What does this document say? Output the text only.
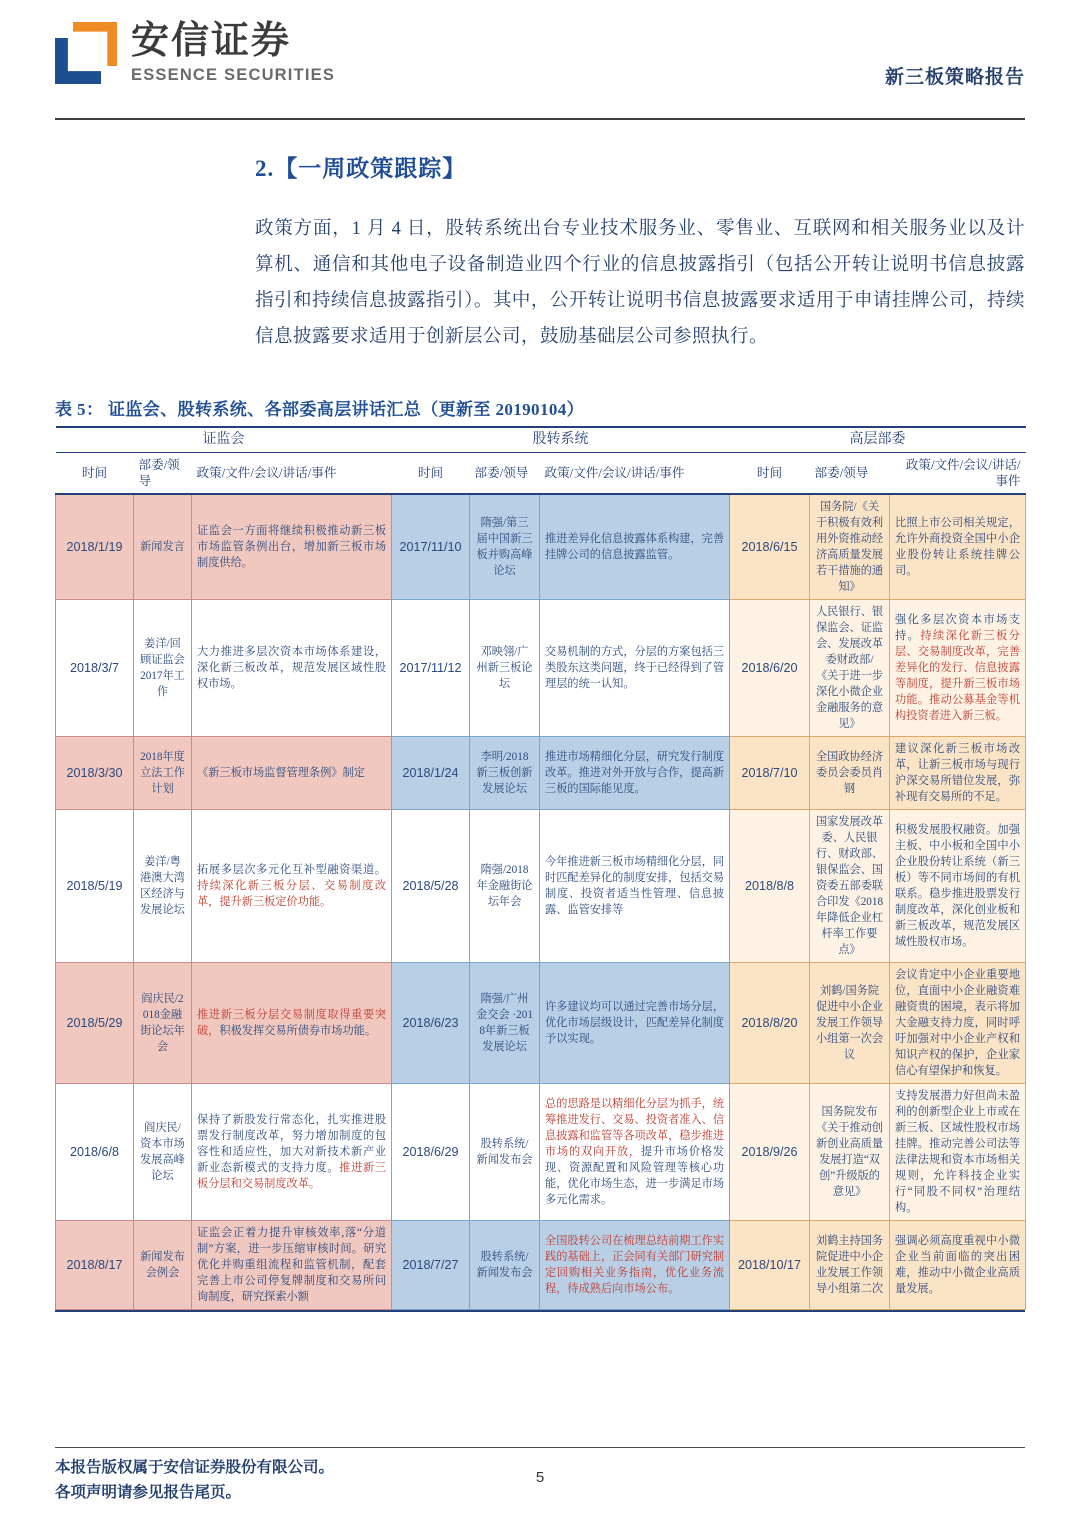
安信证券
ESSENCE SECURITIES	新三板策略报告
2.【一周政策跟踪】
政策方面，1 月 4 日，股转系统出台专业技术服务业、零售业、互联网和相关服务业以及计算机、通信和其他电子设备制造业四个行业的信息披露指引（包括公开转让说明书信息披露指引和持续信息披露指引）。其中，公开转让说明书信息披露要求适用于申请挂牌公司，持续信息披露要求适用于创新层公司，鼓励基础层公司参照执行。
表 5： 证监会、股转系统、各部委高层讲话汇总（更新至 20190104）
证监会			股转系统			高层部委		
时间	部委/领导	政策/文件/会议/讲话/事件	时间	部委/领导	政策/文件/会议/讲话/事件	时间	部委/领导	政策/文件/会议/讲话/事件
2018/1/19	新闻发言	证监会一方面将继续积极推动新三板市场监管条例出台，增加新三板市场制度供给。	2017/11/10	隋强/第三届中国新三板并购高峰论坛	推进差异化信息披露体系构建，完善挂牌公司的信息披露监管。	2018/6/15	国务院/《关于积极有效利用外资推动经济高质量发展若干措施的通知》	比照上市公司相关规定，允许外商投资全国中小企业股份转让系统挂牌公司。
2018/3/7	姜洋/回顾证监会2017年工作	大力推进多层次资本市场体系建设，深化新三板改革，规范发展区域性股权市场。	2017/11/12	邓映翎/广州新三板论坛	交易机制的方式，分层的方案包括三类股东这类问题，终于已经得到了管理层的统一认知。	2018/6/20	人民银行、银保监会、证监会、发展改革委财政部/《关于进一步深化小微企业金融服务的意见》	强化多层次资本市场支持。持续深化新三板分层、交易制度改革，完善差异化的发行、信息披露等制度，提升新三板市场功能。推动公募基金等机构投资者进入新三板。
2018/3/30	2018年度立法工作计划	《新三板市场监督管理条例》制定	2018/1/24	李明/2018新三板创新发展论坛	推进市场精细化分层，研究发行制度改革。推进对外开放与合作，提高新三板的国际能见度。	2018/7/10	全国政协经济委员会委员肖钢	建议深化新三板市场改革，让新三板市场与现行沪深交易所错位发展，弥补现有交易所的不足。
2018/5/19	姜洋/粤港澳大湾区经济与发展论坛	拓展多层次多元化互补型融资渠道。持续深化新三板分层、交易制度改革，提升新三板定价功能。	2018/5/28	隋强/2018年金融街论坛年会	今年推进新三板市场精细化分层，同时匹配差异化的制度安排，包括交易制度、投资者适当性管理、信息披露、监管安排等	2018/8/8	国家发展改革委、人民银行、财政部、银保监会、国资委五部委联合印发《2018 年降低企业杠杆率工作要点》	积极发展股权融资。加强主板、中小板和全国中小企业股份转让系统（新三板）等不同市场间的有机联系。稳步推进股票发行制度改革，深化创业板和新三板改革，规范发展区域性股权市场。
2018/5/29	阎庆民/2018金融街论坛年会	推进新三板分层交易制度取得重要突破，积极发挥交易所债券市场功能。	2018/6/23	隋强/广州金交会 ·2018年新三板发展论坛	许多建议均可以通过完善市场分层，优化市场层级设计，匹配差异化制度予以实现。	2018/8/20	刘鹤/国务院促进中小企业发展工作领导小组第一次会议	会议肯定中小企业重要地位，直面中小企业融资难融资贵的困境，表示将加大金融支持力度，同时呼吁加强对中小企业产权和知识产权的保护，企业家信心有望保护和恢复。
2018/6/8	阎庆民/资本市场发展高峰论坛	保持了新股发行常态化，扎实推进股票发行制度改革，努力增加制度的包容性和适应性，加大对新技术新产业新业态新模式的支持力度。推进新三板分层和交易制度改革。	2018/6/29	股转系统/新闻发布会	总的思路是以精细化分层为抓手，统筹推进发行、交易、投资者准入、信息披露和监管等各项改革，稳步推进市场的双向开放，提升市场价格发现、资源配置和风险管理等核心功能，优化市场生态，进一步满足市场多元化需求。	2018/9/26	国务院发布《关于推动创新创业高质量发展打造“双创”升级版的意见》	支持发展潜力好但尚未盈利的创新型企业上市或在新三板、区域性股权市场挂牌。推动完善公司法等法律法规和资本市场相关规则，允许科技企业实行“同股不同权”治理结构。
2018/8/17	新闻发布会例会	证监会正着力提升审核效率,落“分道制”方案，进一步压缩审核时间。研究优化并购重组流程和监管机制，配套完善上市公司停复牌制度和交易所问询制度，研究探索小额	2018/7/27	股转系统/新闻发布会	全国股转公司在梳理总结前期工作实践的基础上，正会同有关部门研究制定回购相关业务指南，优化业务流程，待成熟后向市场公布。	2018/10/17	刘鹤主持国务院促进中小企业发展工作领导小组第二次	强调必须高度重视中小微企业当前面临的突出困难，推动中小微企业高质量发展。
本报告版权属于安信证券股份有限公司。
各项声明请参见报告尾页。
5
